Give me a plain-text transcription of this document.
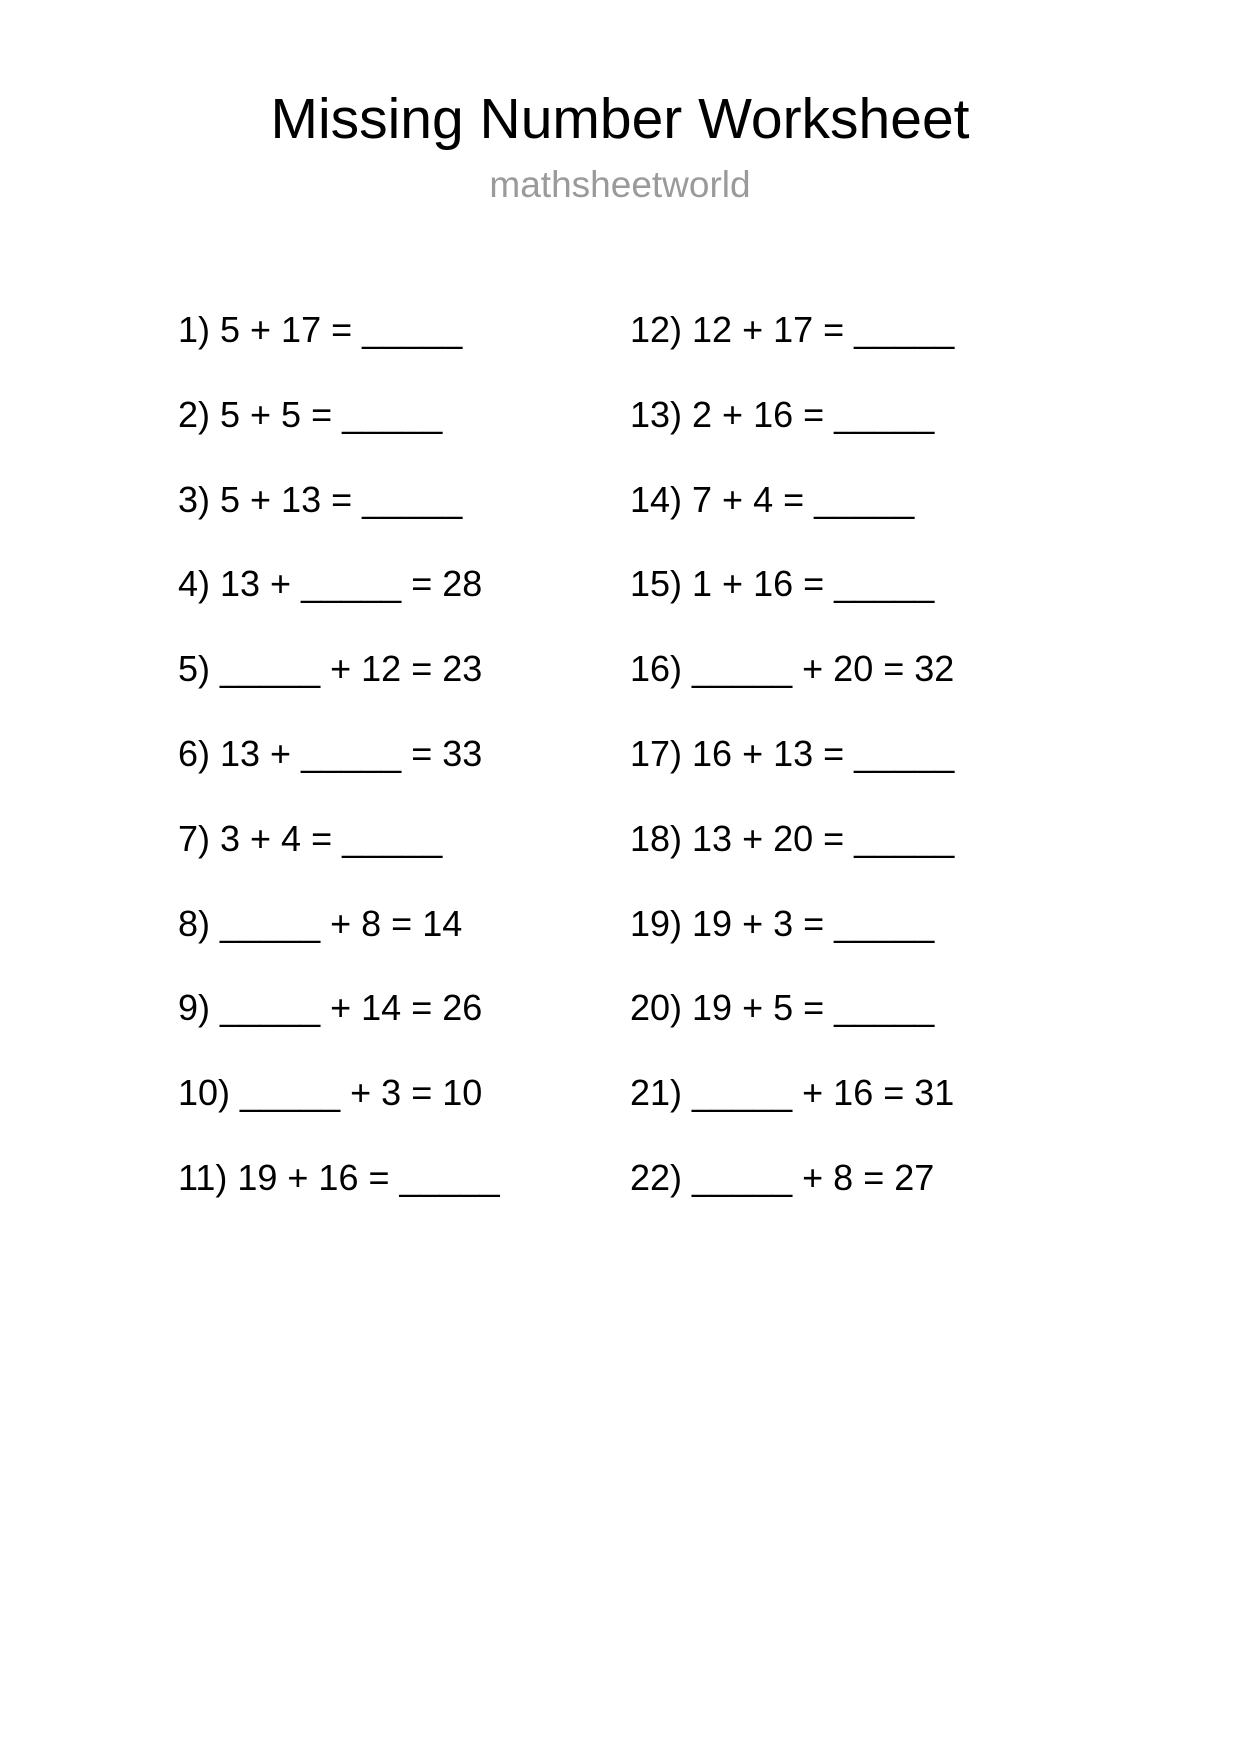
Missing Number Worksheet
mathsheetworld
1) 5 + 17 = _____
2) 5 + 5 = _____
3) 5 + 13 = _____
4) 13 + _____ = 28
5) _____ + 12 = 23
6) 13 + _____ = 33
7) 3 + 4 = _____
8) _____ + 8 = 14
9) _____ + 14 = 26
10) _____ + 3 = 10
11) 19 + 16 = _____
12) 12 + 17 = _____
13) 2 + 16 = _____
14) 7 + 4 = _____
15) 1 + 16 = _____
16) _____ + 20 = 32
17) 16 + 13 = _____
18) 13 + 20 = _____
19) 19 + 3 = _____
20) 19 + 5 = _____
21) _____ + 16 = 31
22) _____ + 8 = 27
